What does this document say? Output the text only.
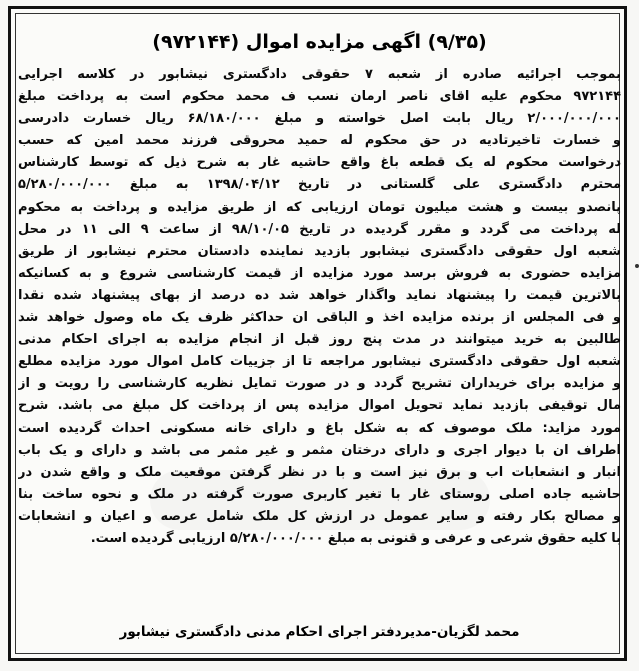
(۹/۳۵) اگهی مزایده اموال (۹۷۲۱۴۴)
بموجب اجرائیه صادره از شعبه ۷ حقوقی دادگستری نیشابور در کلاسه اجرایی
۹۷۲۱۴۴ محکوم علیه اقای ناصر ارمان نسب ف محمد محکوم است به پرداخت مبلغ
۲/۰۰۰/۰۰۰/۰۰۰ ریال بابت اصل خواسته و مبلغ ۶۸/۱۸۰/۰۰۰ ریال خسارت دادرسی
و خسارت تاخیرتادیه در حق محکوم له حمید محروقی فرزند محمد امین که حسب
درخواست محکوم له یک قطعه باغ واقع حاشیه غار به شرح ذیل که توسط کارشناس
محترم دادگستری علی گلستانی در تاریخ ۱۳۹۸/۰۴/۱۲ به مبلغ ۵/۲۸۰/۰۰۰/۰۰۰
پانصدو بیست و هشت میلیون تومان ارزیابی که از طریق مزایده و پرداخت به محکوم
له پرداخت می گردد و مقرر گردیده در تاریخ ۹۸/۱۰/۰۵ از ساعت ۹ الی ۱۱ در محل
شعبه اول حقوقی دادگستری نیشابور بازدید نماینده دادستان محترم نیشابور از طریق
مزایده حضوری به فروش برسد مورد مزایده از قیمت کارشناسی شروع و به کسانیکه
بالاترین قیمت را پیشنهاد نماید واگذار خواهد شد ده درصد از بهای پیشنهاد شده نقدا
و فی المجلس از برنده مزایده اخذ و الباقی ان حداکثر ظرف یک ماه وصول خواهد شد
طالبین به خرید میتوانند در مدت پنج روز قبل از انجام مزایده به اجرای احکام مدنی
شعبه اول حقوقی دادگستری نیشابور مراجعه تا از جزییات کامل اموال مورد مزایده مطلع
و مزایده برای خریداران تشریح گردد و در صورت تمایل نظریه کارشناسی را رویت و از
مال توقیفی بازدید نماید تحویل اموال مزایده پس از پرداخت کل مبلغ می باشد. شرح
مورد مزاید: ملک موصوف که به شکل باغ و دارای خانه مسکونی احداث گردیده است
اطراف ان با دیوار اجری و دارای درختان مثمر و غیر مثمر می باشد و دارای و یک باب
انبار و انشعابات اب و برق نیز است و با در نظر گرفتن موقعیت ملک و واقع شدن در
حاشیه جاده اصلی روستای غار با تغیر کاربری صورت گرفته در ملک و نحوه ساخت بنا
و مصالح بکار رفته و سایر عمومل در ارزش کل ملک شامل عرصه و اعیان و انشعابات
با کلیه حقوق شرعی و عرفی و قنونی به مبلغ ۵/۲۸۰/۰۰۰/۰۰۰ ارزیابی گردیده است.
محمد لگزیان-مدیردفتر اجرای احکام مدنی دادگستری نیشابور
